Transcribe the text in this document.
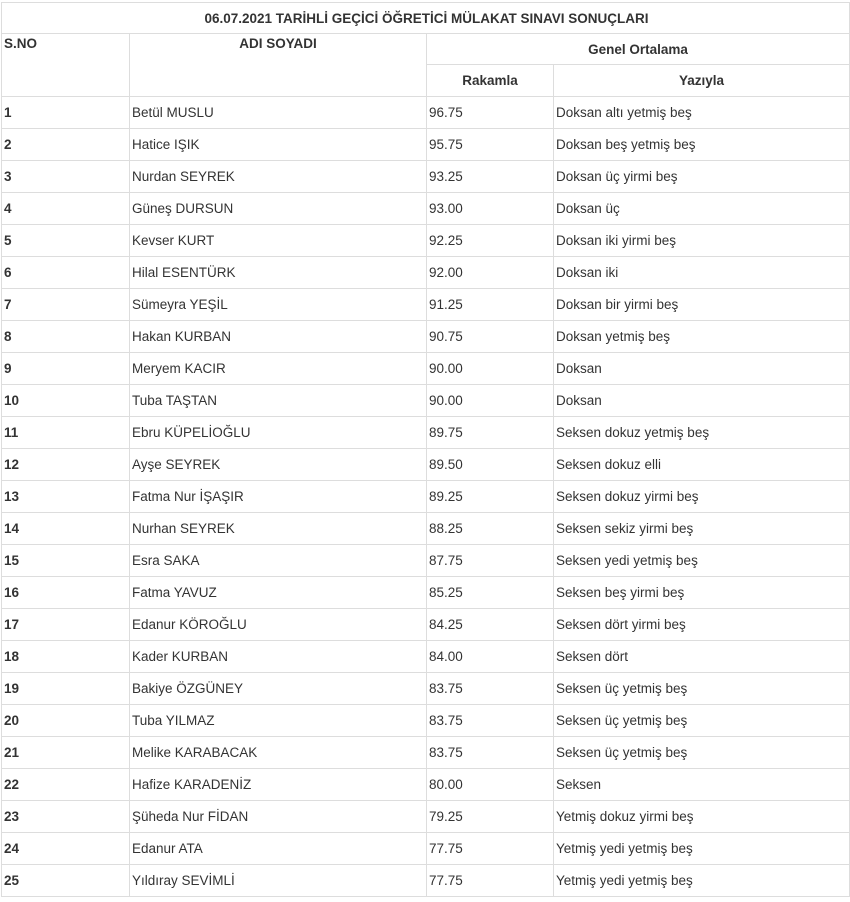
06.07.2021 TARİHLİ GEÇİCİ ÖĞRETİCİ MÜLAKAT SINAVI SONUÇLARI			
S.NO	ADI SOYADI	Genel Ortalama	
		Rakamla	Yazıyla
1	Betül MUSLU	96.75	Doksan altı yetmiş beş
2	Hatice IŞIK	95.75	Doksan beş yetmiş beş
3	Nurdan SEYREK	93.25	Doksan üç yirmi beş
4	Güneş DURSUN	93.00	Doksan üç
5	Kevser KURT	92.25	Doksan iki yirmi beş
6	Hilal ESENTÜRK	92.00	Doksan iki
7	Sümeyra YEŞİL	91.25	Doksan bir yirmi beş
8	Hakan KURBAN	90.75	Doksan yetmiş beş
9	Meryem KACIR	90.00	Doksan
10	Tuba TAŞTAN	90.00	Doksan
11	Ebru KÜPELİOĞLU	89.75	Seksen dokuz yetmiş beş
12	Ayşe SEYREK	89.50	Seksen dokuz elli
13	Fatma Nur İŞAŞIR	89.25	Seksen dokuz yirmi beş
14	Nurhan SEYREK	88.25	Seksen sekiz yirmi beş
15	Esra SAKA	87.75	Seksen yedi yetmiş beş
16	Fatma YAVUZ	85.25	Seksen beş yirmi beş
17	Edanur KÖROĞLU	84.25	Seksen dört yirmi beş
18	Kader KURBAN	84.00	Seksen dört
19	Bakiye ÖZGÜNEY	83.75	Seksen üç yetmiş beş
20	Tuba YILMAZ	83.75	Seksen üç yetmiş beş
21	Melike KARABACAK	83.75	Seksen üç yetmiş beş
22	Hafize KARADENİZ	80.00	Seksen
23	Şüheda Nur FİDAN	79.25	Yetmiş dokuz yirmi beş
24	Edanur ATA	77.75	Yetmiş yedi yetmiş beş
25	Yıldıray SEVİMLİ	77.75	Yetmiş yedi yetmiş beş
